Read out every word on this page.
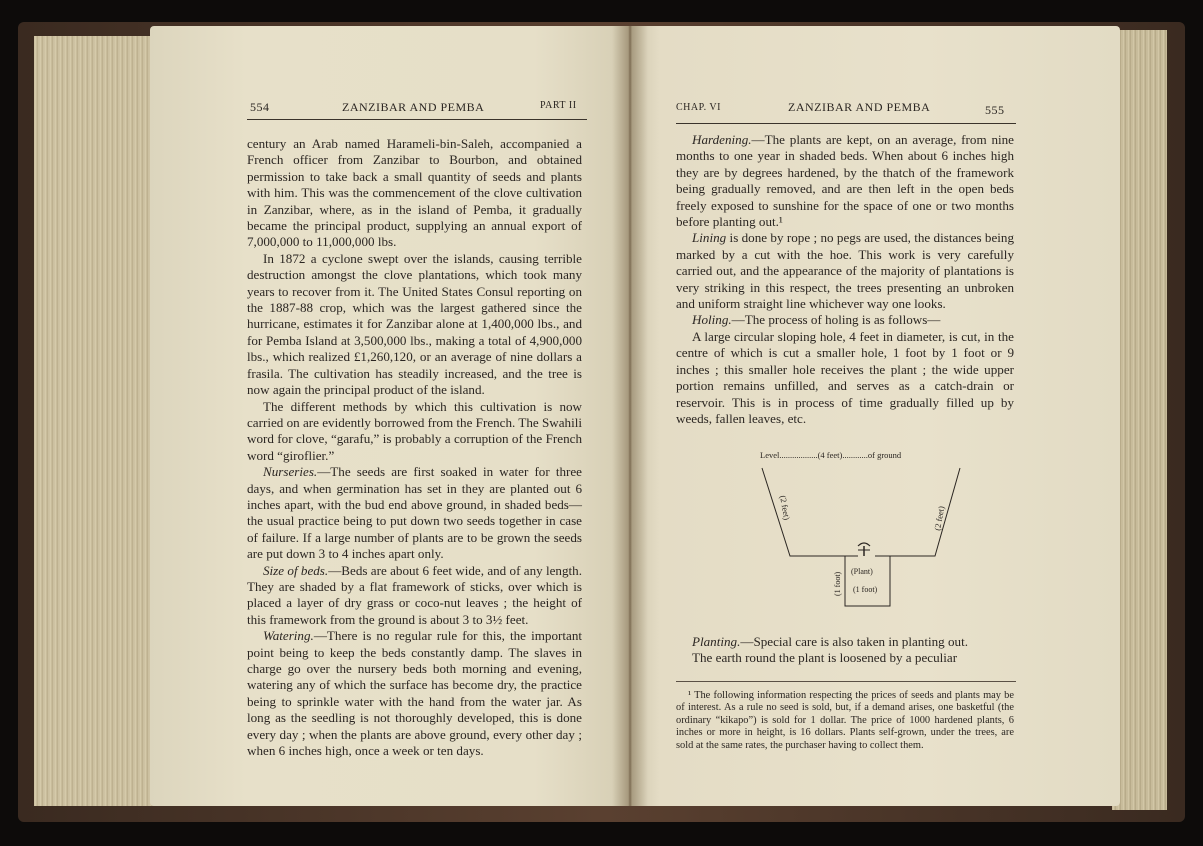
554	ZANZIBAR AND PEMBA	PART II

century an Arab named Harameli-bin-Saleh, accompanied a French officer from Zanzibar to Bourbon, and obtained permission to take back a small quantity of seeds and plants with him. This was the commencement of the clove cultivation in Zanzibar, where, as in the island of Pemba, it gradually became the principal product, supplying an annual export of 7,000,000 to 11,000,000 lbs.

In 1872 a cyclone swept over the islands, causing terrible destruction amongst the clove plantations, which took many years to recover from it. The United States Consul reporting on the 1887-88 crop, which was the largest gathered since the hurricane, estimates it for Zanzibar alone at 1,400,000 lbs., and for Pemba Island at 3,500,000 lbs., making a total of 4,900,000 lbs., which realized £1,260,120, or an average of nine dollars a frasila. The cultivation has steadily increased, and the tree is now again the principal product of the island.

The different methods by which this cultivation is now carried on are evidently borrowed from the French. The Swahili word for clove, “garafu,” is probably a corruption of the French word “giroflier.”

Nurseries.—The seeds are first soaked in water for three days, and when germination has set in they are planted out 6 inches apart, with the bud end above ground, in shaded beds—the usual practice being to put down two seeds together in case of failure. If a large number of plants are to be grown the seeds are put down 3 to 4 inches apart only.

Size of beds.—Beds are about 6 feet wide, and of any length. They are shaded by a flat framework of sticks, over which is placed a layer of dry grass or coco-nut leaves ; the height of this framework from the ground is about 3 to 3½ feet.

Watering.—There is no regular rule for this, the important point being to keep the beds constantly damp. The slaves in charge go over the nursery beds both morning and evening, watering any of which the surface has become dry, the practice being to sprinkle water with the hand from the water jar. As long as the seedling is not thoroughly developed, this is done every day ; when the plants are above ground, every other day ; when 6 inches high, once a week or ten days.

CHAP. VI	ZANZIBAR AND PEMBA	555

Hardening.—The plants are kept, on an average, from nine months to one year in shaded beds. When about 6 inches high they are by degrees hardened, by the thatch of the framework being gradually removed, and are then left in the open beds freely exposed to sunshine for the space of one or two months before planting out.¹

Lining is done by rope ; no pegs are used, the distances being marked by a cut with the hoe. This work is very carefully carried out, and the appearance of the majority of plantations is very striking in this respect, the trees presenting an unbroken and uniform straight line whichever way one looks.

Holing.—The process of holing is as follows—

A large circular sloping hole, 4 feet in diameter, is cut, in the centre of which is cut a smaller hole, 1 foot by 1 foot or 9 inches ; this smaller hole receives the plant ; the wide upper portion remains unfilled, and serves as a catch-drain or reservoir. This is in process of time gradually filled up by weeds, fallen leaves, etc.

Level..................(4 feet)............of ground
(2 feet)	(2 feet)
(1 foot)
(Plant)
(1 foot)

Planting.—Special care is also taken in planting out.

The earth round the plant is loosened by a peculiar

¹ The following information respecting the prices of seeds and plants may be of interest. As a rule no seed is sold, but, if a demand arises, one basketful (the ordinary “kikapo”) is sold for 1 dollar. The price of 1000 hardened plants, 6 inches or more in height, is 16 dollars. Plants self-grown, under the trees, are sold at the same rates, the purchaser having to collect them.
